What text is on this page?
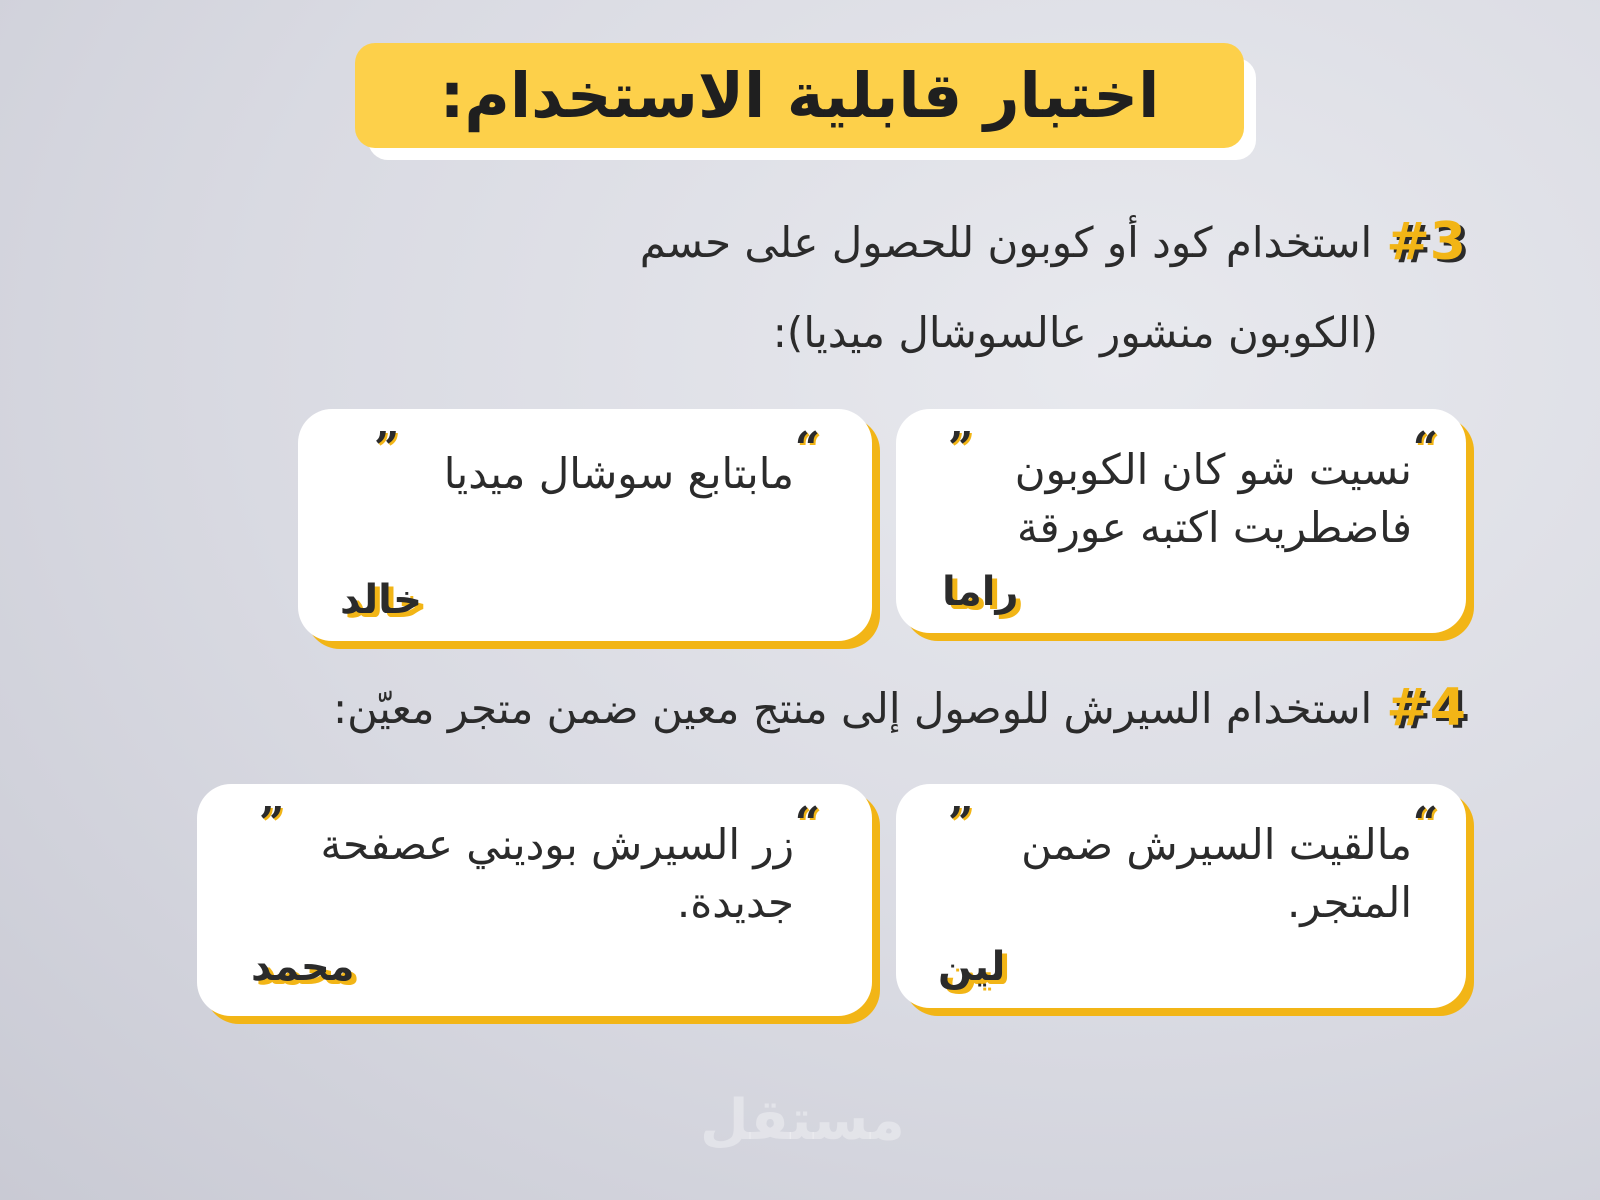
اختبار قابلية الاستخدام:
#3
استخدام كود أو كوبون للحصول على حسم
(الكوبون منشور عالسوشال ميديا):
“
” نسيت شو كان الكوبون
فاضطريت اكتبه عورقة
راما
“
” مابتابع سوشال ميديا
خالد
#4
استخدام السيرش للوصول إلى منتج معين ضمن متجر معيّن:
“
” مالقيت السيرش ضمن
المتجر.
لين
“
” زر السيرش بوديني عصفحة
جديدة.
محمد
مستقل
